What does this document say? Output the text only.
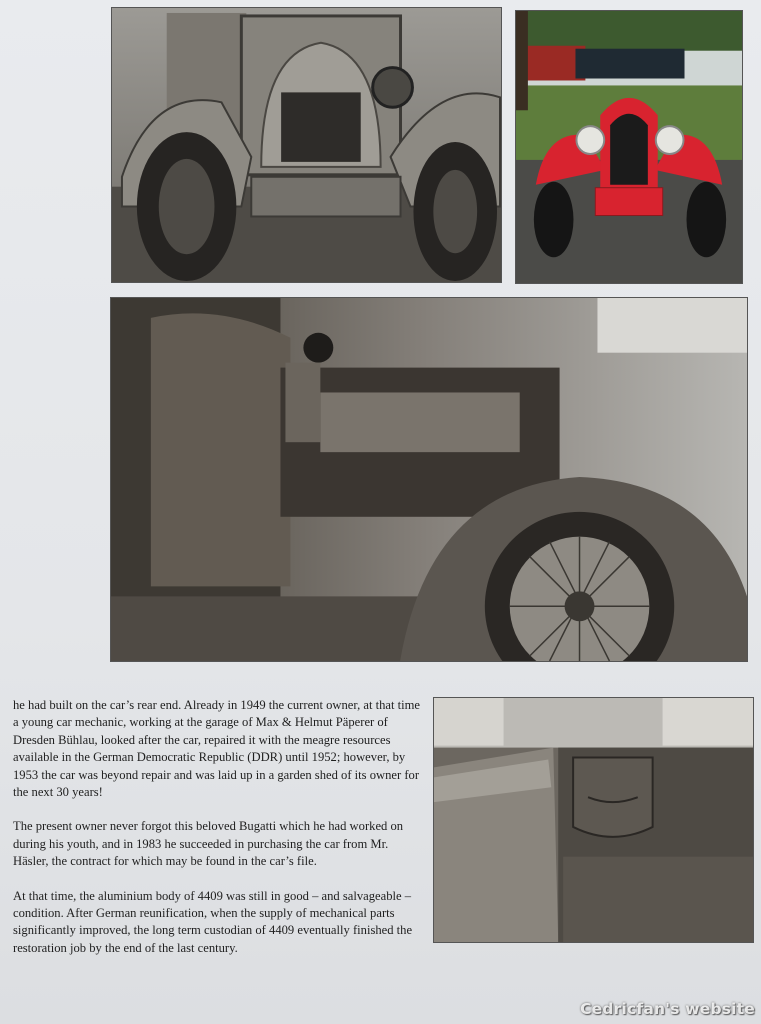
he had built on the car’s rear end. Already in 1949 the current owner, at that time a young car mechanic, working at the garage of Max & Helmut Päperer of Dresden Bühlau, looked after the car, repaired it with the meagre resources available in the German Democratic Republic (DDR) until 1952; however, by 1953 the car was beyond repair and was laid up in a garden shed of its owner for the next 30 years!

The present owner never forgot this beloved Bugatti which he had worked on during his youth, and in 1983 he succeeded in purchasing the car from Mr. Häsler, the contract for which may be found in the car’s file.

At that time, the aluminium body of 4409 was still in good – and salvageable – condition. After German reunification, when the supply of mechanical parts significantly improved, the long term custodian of 4409 eventually finished the restoration job by the end of the last century.

Cedricfan's website
